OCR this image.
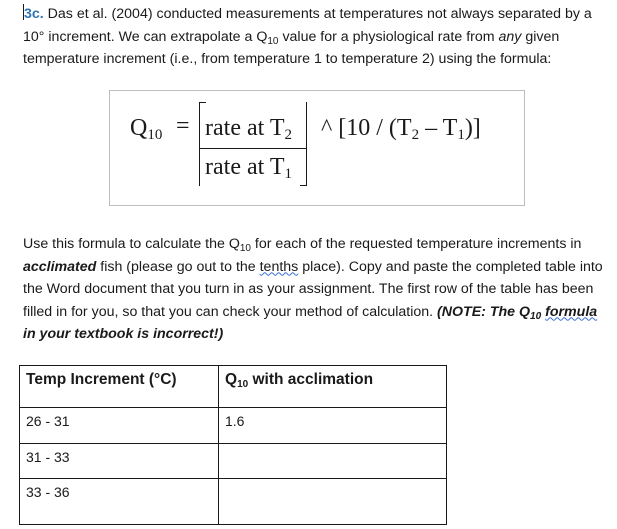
3c. Das et al. (2004) conducted measurements at temperatures not always separated by a 10° increment. We can extrapolate a $Q_{10}$ value for a physiological rate from any given temperature increment (i.e., from temperature 1 to temperature 2) using the formula:
$Q_{10}$ = rate at $T_2$
rate at $T_1$
^ $[10 / (T_2 - T_1)]$
Use this formula to calculate the $Q_{10}$ for each of the requested temperature increments in acclimated fish (please go out to the tenths place). Copy and paste the completed table into the Word document that you turn in as your assignment. The first row of the table has been filled in for you, so that you can check your method of calculation. (NOTE: The $Q_{10}$ formula in your textbook is incorrect!)
Temp Increment (°C)	$Q_{10}$ with acclimation
26 - 31	1.6
31 - 33	
33 - 36	
